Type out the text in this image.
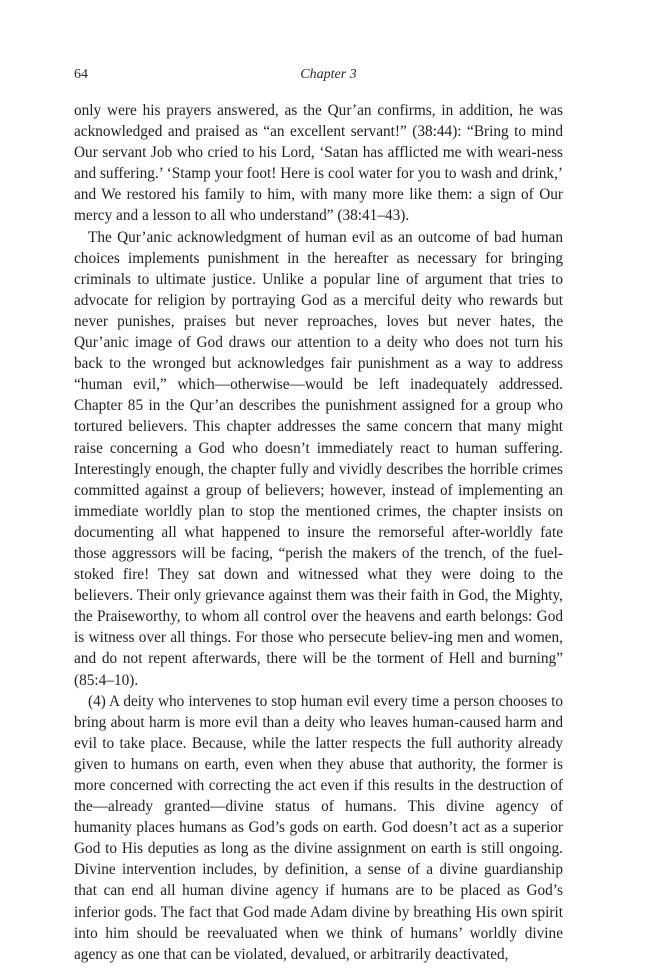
64	Chapter 3

only were his prayers answered, as the Qur’an confirms, in addition, he was acknowledged and praised as “an excellent servant!” (38:44): “Bring to mind Our servant Job who cried to his Lord, ‘Satan has afflicted me with weari-ness and suffering.’ ‘Stamp your foot! Here is cool water for you to wash and drink,’ and We restored his family to him, with many more like them: a sign of Our mercy and a lesson to all who understand” (38:41–43).

The Qur’anic acknowledgment of human evil as an outcome of bad human choices implements punishment in the hereafter as necessary for bringing criminals to ultimate justice. Unlike a popular line of argument that tries to advocate for religion by portraying God as a merciful deity who rewards but never punishes, praises but never reproaches, loves but never hates, the Qur’anic image of God draws our attention to a deity who does not turn his back to the wronged but acknowledges fair punishment as a way to address “human evil,” which—otherwise—would be left inadequately addressed. Chapter 85 in the Qur’an describes the punishment assigned for a group who tortured believers. This chapter addresses the same concern that many might raise concerning a God who doesn’t immediately react to human suffering. Interestingly enough, the chapter fully and vividly describes the horrible crimes committed against a group of believers; however, instead of implementing an immediate worldly plan to stop the mentioned crimes, the chapter insists on documenting all what happened to insure the remorseful after-worldly fate those aggressors will be facing, “perish the makers of the trench, of the fuel-stoked fire! They sat down and witnessed what they were doing to the believers. Their only grievance against them was their faith in God, the Mighty, the Praiseworthy, to whom all control over the heavens and earth belongs: God is witness over all things. For those who persecute believ-ing men and women, and do not repent afterwards, there will be the torment of Hell and burning” (85:4–10).

(4) A deity who intervenes to stop human evil every time a person chooses to bring about harm is more evil than a deity who leaves human-caused harm and evil to take place. Because, while the latter respects the full authority already given to humans on earth, even when they abuse that authority, the former is more concerned with correcting the act even if this results in the destruction of the—already granted—divine status of humans. This divine agency of humanity places humans as God’s gods on earth. God doesn’t act as a superior God to His deputies as long as the divine assignment on earth is still ongoing. Divine intervention includes, by definition, a sense of a divine guardianship that can end all human divine agency if humans are to be placed as God’s inferior gods. The fact that God made Adam divine by breathing His own spirit into him should be reevaluated when we think of humans’ worldly divine agency as one that can be violated, devalued, or arbitrarily deactivated,
